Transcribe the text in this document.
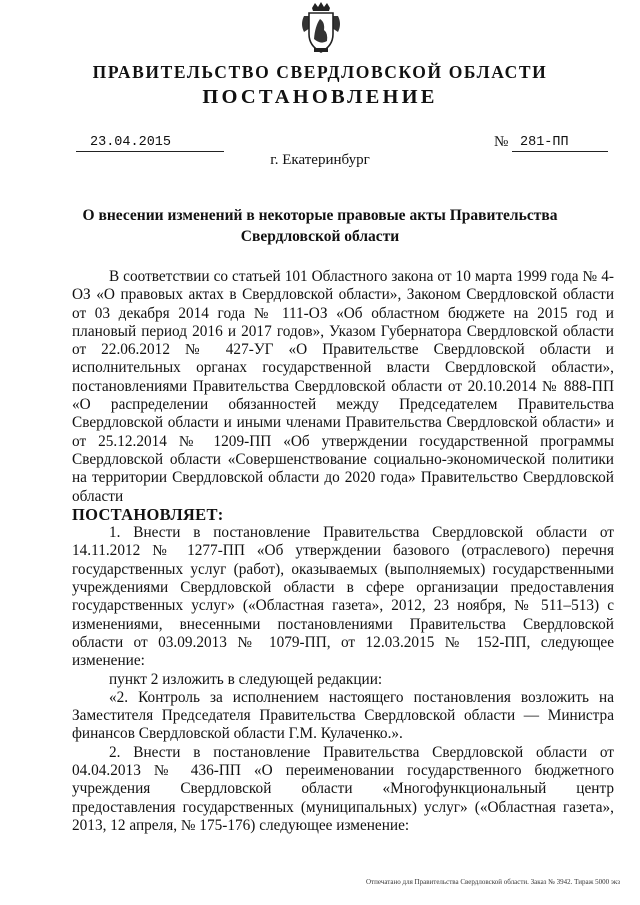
ПРАВИТЕЛЬСТВО СВЕРДЛОВСКОЙ ОБЛАСТИ
ПОСТАНОВЛЕНИЕ
23.04.2015	№ 281-ПП
г. Екатеринбург
О внесении изменений в некоторые правовые акты Правительства Свердловской области

В соответствии со статьей 101 Областного закона от 10 марта 1999 года № 4-ОЗ «О правовых актах в Свердловской области», Законом Свердловской области от 03 декабря 2014 года № 111-ОЗ «Об областном бюджете на 2015 год и плановый период 2016 и 2017 годов», Указом Губернатора Свердловской области от 22.06.2012 № 427-УГ «О Правительстве Свердловской области и исполнительных органах государственной власти Свердловской области», постановлениями Правительства Свердловской области от 20.10.2014 № 888-ПП «О распределении обязанностей между Председателем Правительства Свердловской области и иными членами Правительства Свердловской области» и от 25.12.2014 № 1209-ПП «Об утверждении государственной программы Свердловской области «Совершенствование социально-экономической политики на территории Свердловской области до 2020 года» Правительство Свердловской области

ПОСТАНОВЛЯЕТ:

1. Внести в постановление Правительства Свердловской области от 14.11.2012 № 1277-ПП «Об утверждении базового (отраслевого) перечня государственных услуг (работ), оказываемых (выполняемых) государственными учреждениями Свердловской области в сфере организации предоставления государственных услуг» («Областная газета», 2012, 23 ноября, № 511–513) с изменениями, внесенными постановлениями Правительства Свердловской области от 03.09.2013 № 1079-ПП, от 12.03.2015 № 152-ПП, следующее изменение:

пункт 2 изложить в следующей редакции:

«2. Контроль за исполнением настоящего постановления возложить на Заместителя Председателя Правительства Свердловской области — Министра финансов Свердловской области Г.М. Кулаченко.».

2. Внести в постановление Правительства Свердловской области от 04.04.2013 № 436-ПП «О переименовании государственного бюджетного учреждения Свердловской области «Многофункциональный центр предоставления государственных (муниципальных) услуг» («Областная газета», 2013, 12 апреля, № 175-176) следующее изменение:

Отпечатано для Правительства Свердловской области. Заказ № 3942. Тираж 5000 экз
